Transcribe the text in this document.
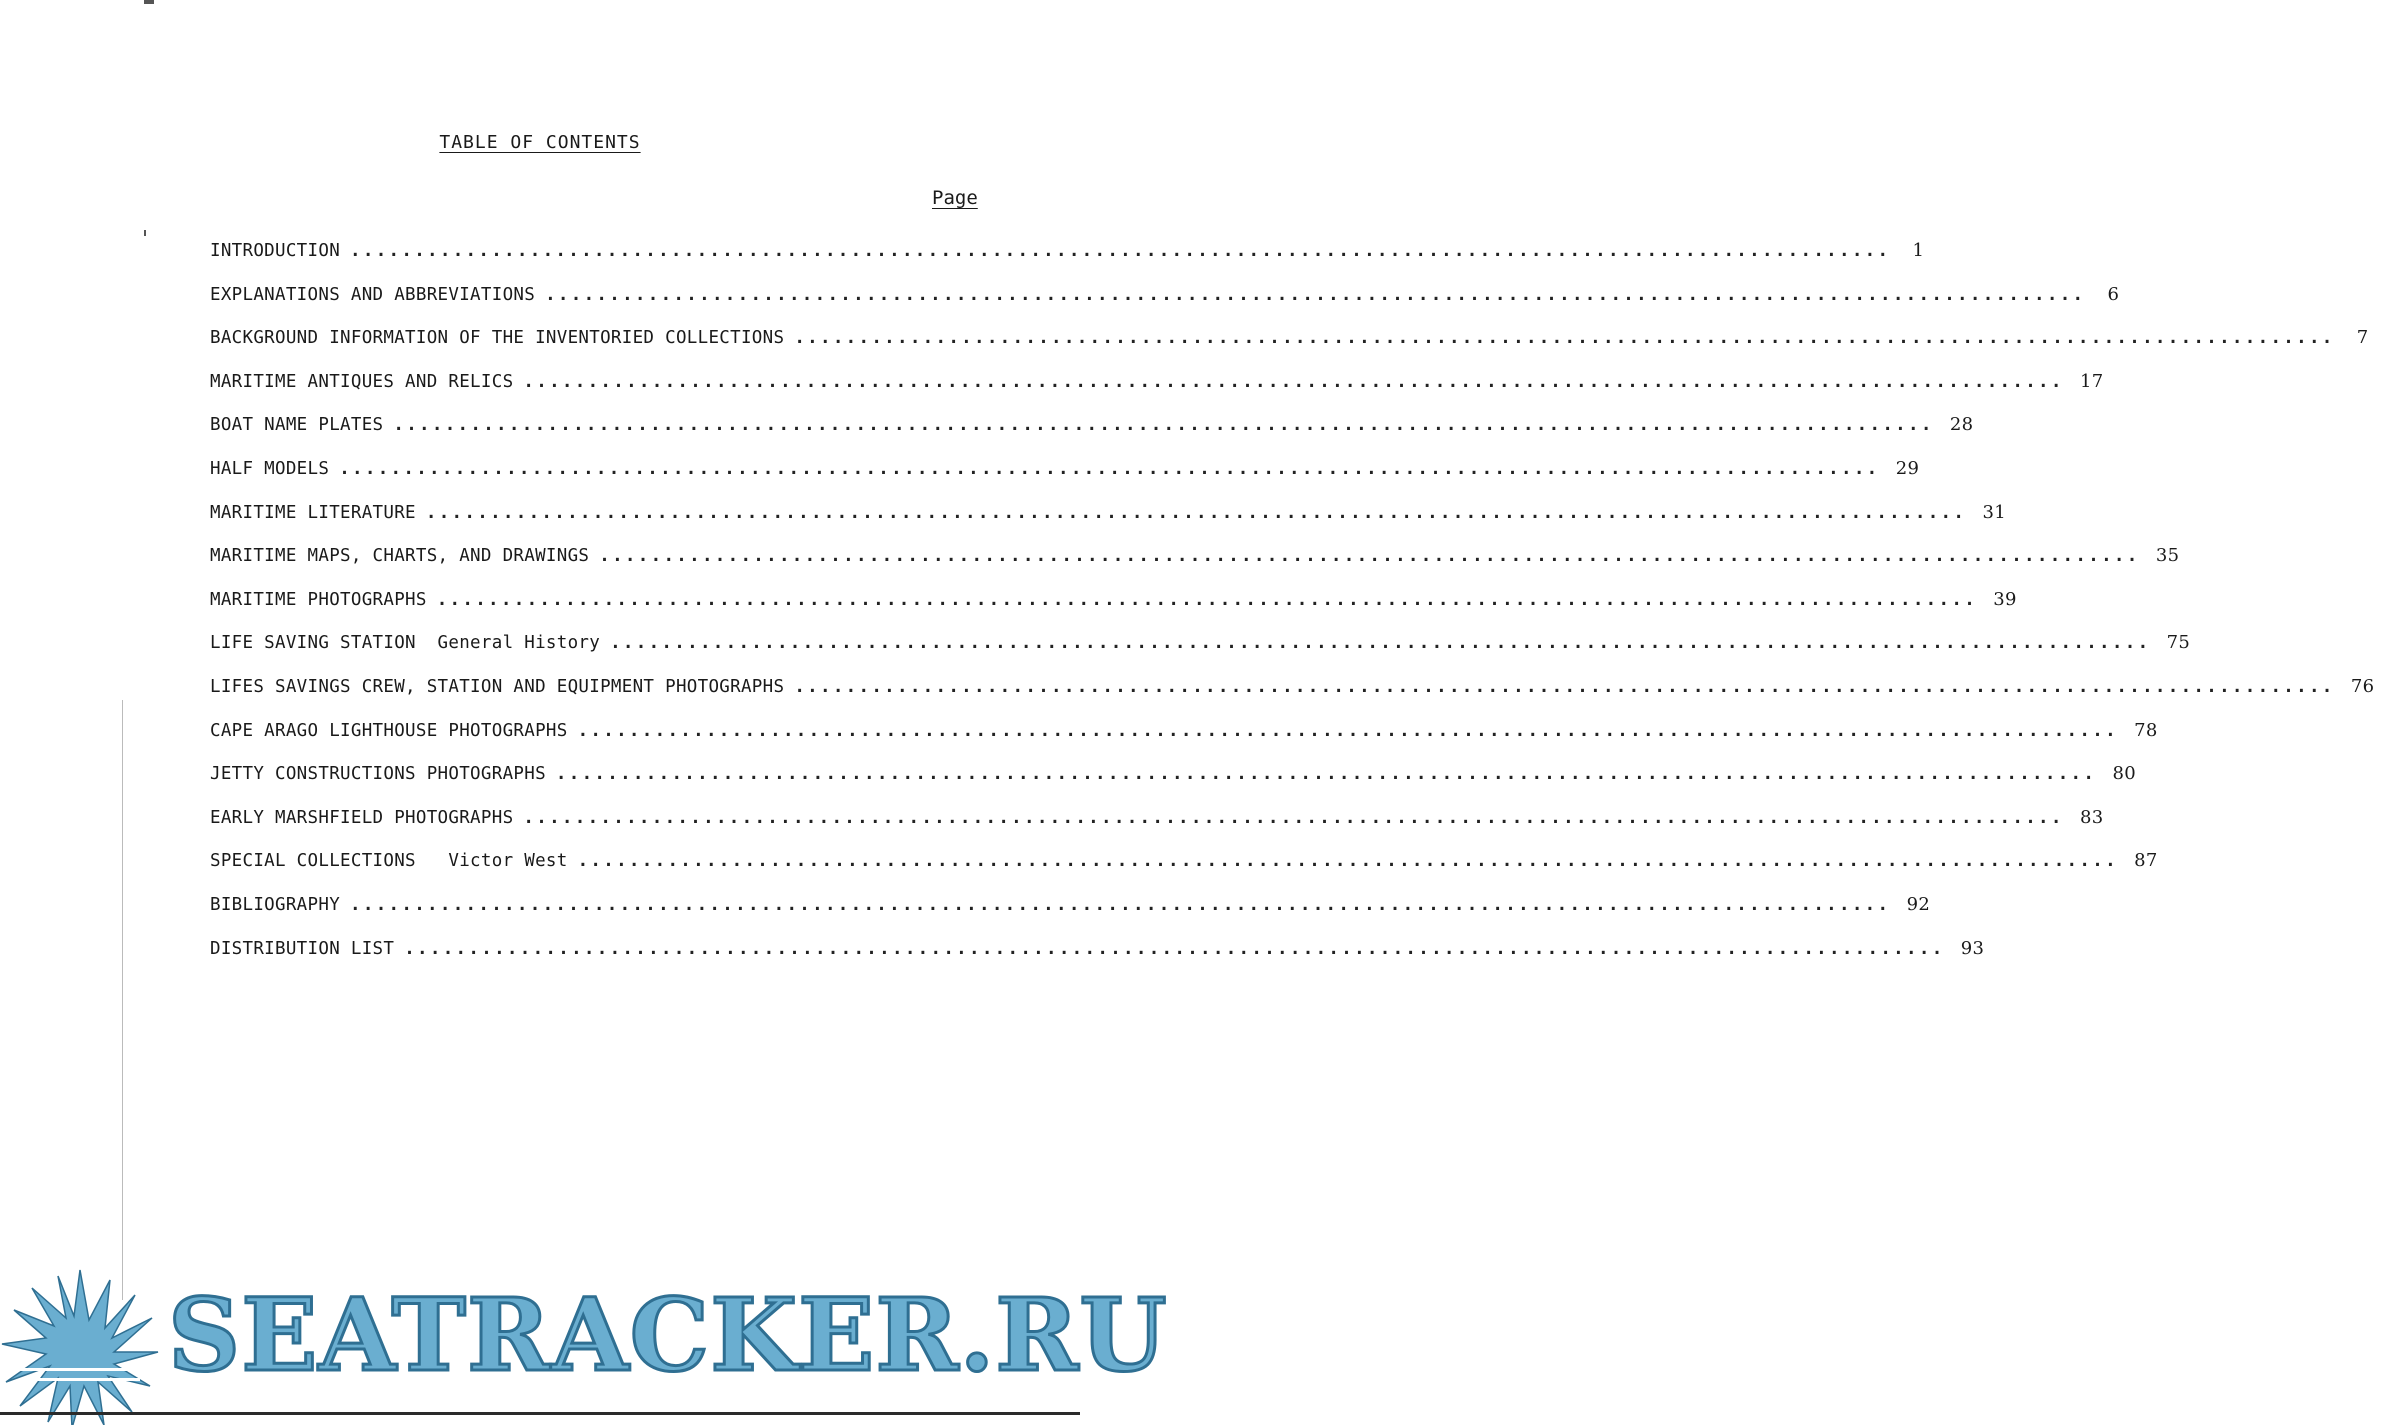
TABLE OF CONTENTS
Page
INTRODUCTION ........................................................................................................................	1
EXPLANATIONS AND ABBREVIATIONS ........................................................................................................................	6
BACKGROUND INFORMATION OF THE INVENTORIED COLLECTIONS ........................................................................................................................	7
MARITIME ANTIQUES AND RELICS ........................................................................................................................ 17
BOAT NAME PLATES ........................................................................................................................ 28
HALF MODELS ........................................................................................................................ 29
MARITIME LITERATURE ........................................................................................................................ 31
MARITIME MAPS, CHARTS, AND DRAWINGS ........................................................................................................................ 35
MARITIME PHOTOGRAPHS ........................................................................................................................ 39
LIFE SAVING STATION  General History ........................................................................................................................ 75
LIFES SAVINGS CREW, STATION AND EQUIPMENT PHOTOGRAPHS ........................................................................................................................ 76
CAPE ARAGO LIGHTHOUSE PHOTOGRAPHS ........................................................................................................................ 78
JETTY CONSTRUCTIONS PHOTOGRAPHS ........................................................................................................................ 80
EARLY MARSHFIELD PHOTOGRAPHS ........................................................................................................................ 83
SPECIAL COLLECTIONS   Victor West ........................................................................................................................ 87
BIBLIOGRAPHY ........................................................................................................................ 92
DISTRIBUTION LIST ........................................................................................................................ 93
SEATRACKER.RU
